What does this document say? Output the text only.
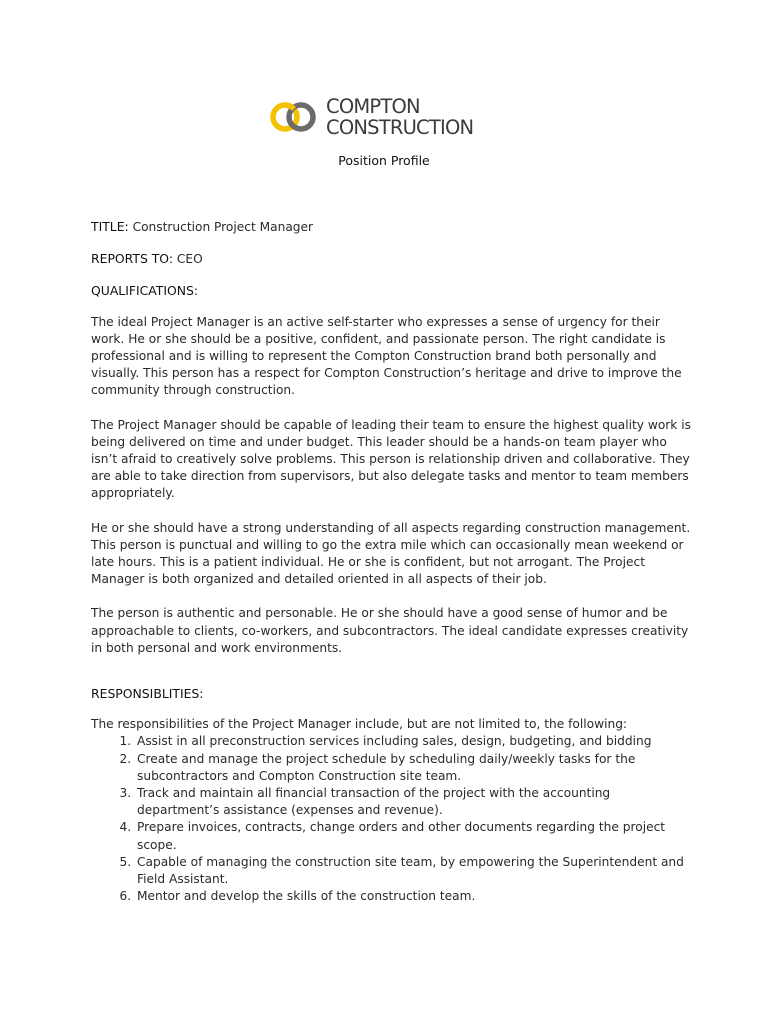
COMPTON
CONSTRUCTION
Position Profile
TITLE: Construction Project Manager
REPORTS TO: CEO
QUALIFICATIONS:

The ideal Project Manager is an active self-starter who expresses a sense of urgency for their work. He or she should be a positive, confident, and passionate person. The right candidate is professional and is willing to represent the Compton Construction brand both personally and visually. This person has a respect for Compton Construction’s heritage and drive to improve the community through construction.

The Project Manager should be capable of leading their team to ensure the highest quality work is being delivered on time and under budget. This leader should be a hands-on team player who isn’t afraid to creatively solve problems. This person is relationship driven and collaborative. They are able to take direction from supervisors, but also delegate tasks and mentor to team members appropriately.

He or she should have a strong understanding of all aspects regarding construction management. This person is punctual and willing to go the extra mile which can occasionally mean weekend or late hours. This is a patient individual. He or she is confident, but not arrogant. The Project Manager is both organized and detailed oriented in all aspects of their job.

The person is authentic and personable. He or she should have a good sense of humor and be approachable to clients, co-workers, and subcontractors. The ideal candidate expresses creativity in both personal and work environments.

RESPONSIBLITIES:
The responsibilities of the Project Manager include, but are not limited to, the following:
1. Assist in all preconstruction services including sales, design, budgeting, and bidding
2. Create and manage the project schedule by scheduling daily/weekly tasks for the subcontractors and Compton Construction site team.
3. Track and maintain all financial transaction of the project with the accounting department’s assistance (expenses and revenue).
4. Prepare invoices, contracts, change orders and other documents regarding the project scope.
5. Capable of managing the construction site team, by empowering the Superintendent and Field Assistant.
6. Mentor and develop the skills of the construction team.
